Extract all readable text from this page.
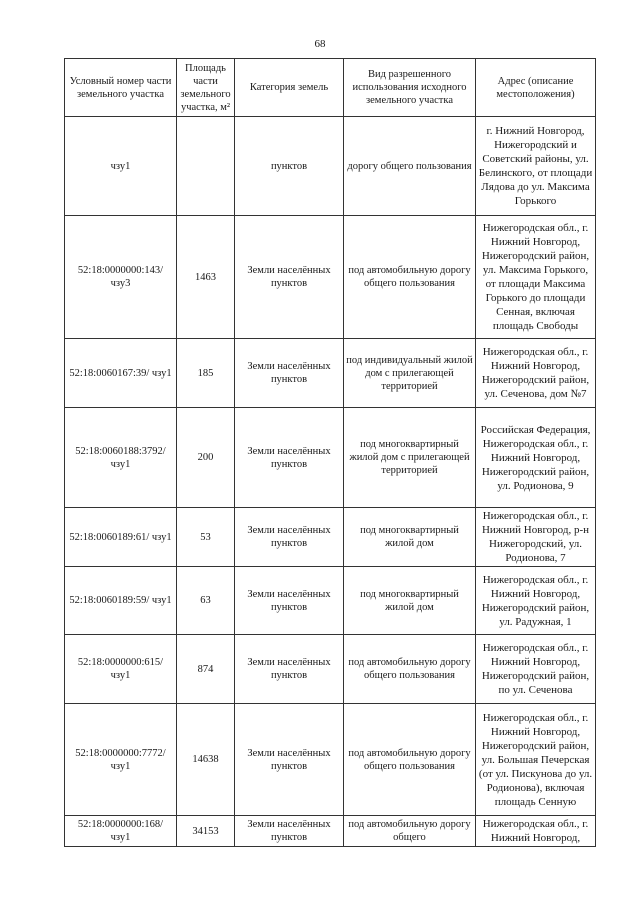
68
Условный номер части земельного участка	Площадь части земельного участка, м²	Категория земель	Вид разрешенного использования исходного земельного участка	Адрес (описание местоположения)
чзу1		пунктов	дорогу общего пользования	г. Нижний Новгород, Нижегородский и Советский районы, ул. Белинского, от площади Лядова до ул. Максима Горького
52:18:0000000:143/ чзу3	1463	Земли населённых пунктов	под автомобильную дорогу общего пользования	Нижегородская обл., г. Нижний Новгород, Нижегородский район, ул. Максима Горького, от площади Максима Горького до площади Сенная, включая площадь Свободы
52:18:0060167:39/ чзу1	185	Земли населённых пунктов	под индивидуальный жилой дом с прилегающей территорией	Нижегородская обл., г. Нижний Новгород, Нижегородский район, ул. Сеченова, дом №7
52:18:0060188:3792/ чзу1	200	Земли населённых пунктов	под многоквартирный жилой дом с прилегающей территорией	Российская Федерация, Нижегородская обл., г. Нижний Новгород, Нижегородский район, ул. Родионова, 9
52:18:0060189:61/ чзу1	53	Земли населённых пунктов	под многоквартирный жилой дом	Нижегородская обл., г. Нижний Новгород, р-н Нижегородский, ул. Родионова, 7
52:18:0060189:59/ чзу1	63	Земли населённых пунктов	под многоквартирный жилой дом	Нижегородская обл., г. Нижний Новгород, Нижегородский район, ул. Радужная, 1
52:18:0000000:615/ чзу1	874	Земли населённых пунктов	под автомобильную дорогу общего пользования	Нижегородская обл., г. Нижний Новгород, Нижегородский район, по ул. Сеченова
52:18:0000000:7772/ чзу1	14638	Земли населённых пунктов	под автомобильную дорогу общего пользования	Нижегородская обл., г. Нижний Новгород, Нижегородский район, ул. Большая Печерская (от ул. Пискунова до ул. Родионова), включая площадь Сенную
52:18:0000000:168/ чзу1	34153	Земли населённых пунктов	под автомобильную дорогу общего	Нижегородская обл., г. Нижний Новгород,
